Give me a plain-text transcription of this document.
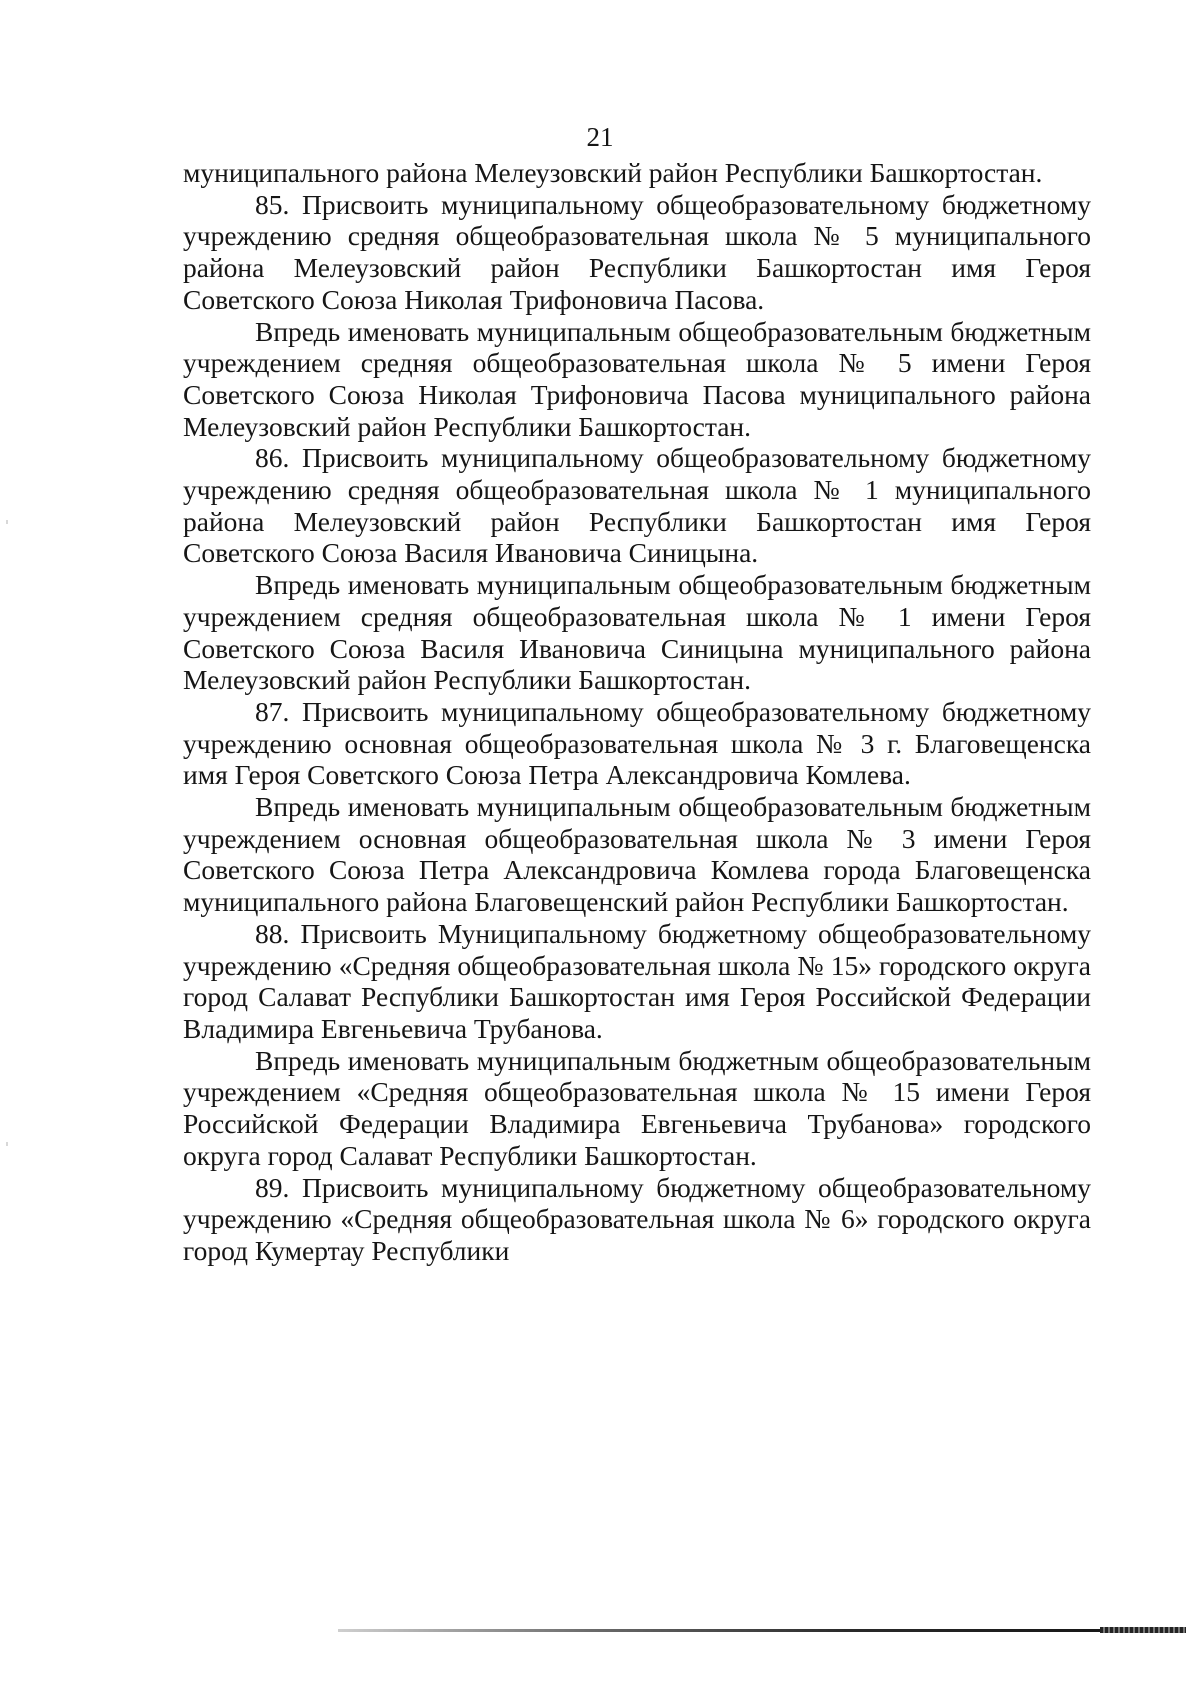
21

муниципального района Мелеузовский район Республики Башкортостан.

85. Присвоить муниципальному общеобразовательному бюджетному учреждению средняя общеобразовательная школа № 5 муниципального района Мелеузовский район Республики Башкортостан имя Героя Советского Союза Николая Трифоновича Пасова.

Впредь именовать муниципальным общеобразовательным бюджетным учреждением средняя общеобразовательная школа № 5 имени Героя Советского Союза Николая Трифоновича Пасова муниципального района Мелеузовский район Республики Башкортостан.

86. Присвоить муниципальному общеобразовательному бюджетному учреждению средняя общеобразовательная школа № 1 муниципального района Мелеузовский район Республики Башкортостан имя Героя Советского Союза Василя Ивановича Синицына.

Впредь именовать муниципальным общеобразовательным бюджетным учреждением средняя общеобразовательная школа № 1 имени Героя Советского Союза Василя Ивановича Синицына муниципального района Мелеузовский район Республики Башкортостан.

87. Присвоить муниципальному общеобразовательному бюджетному учреждению основная общеобразовательная школа № 3 г. Благовещенска имя Героя Советского Союза Петра Александровича Комлева.

Впредь именовать муниципальным общеобразовательным бюджетным учреждением основная общеобразовательная школа № 3 имени Героя Советского Союза Петра Александровича Комлева города Благовещенска муниципального района Благовещенский район Республики Башкортостан.

88. Присвоить Муниципальному бюджетному общеобразовательному учреждению «Средняя общеобразовательная школа № 15» городского округа город Салават Республики Башкортостан имя Героя Российской Федерации Владимира Евгеньевича Трубанова.

Впредь именовать муниципальным бюджетным общеобразовательным учреждением «Средняя общеобразовательная школа № 15 имени Героя Российской Федерации Владимира Евгеньевича Трубанова» городского округа город Салават Республики Башкортостан.

89. Присвоить муниципальному бюджетному общеобразовательному учреждению «Средняя общеобразовательная школа № 6» городского округа город Кумертау Республики
